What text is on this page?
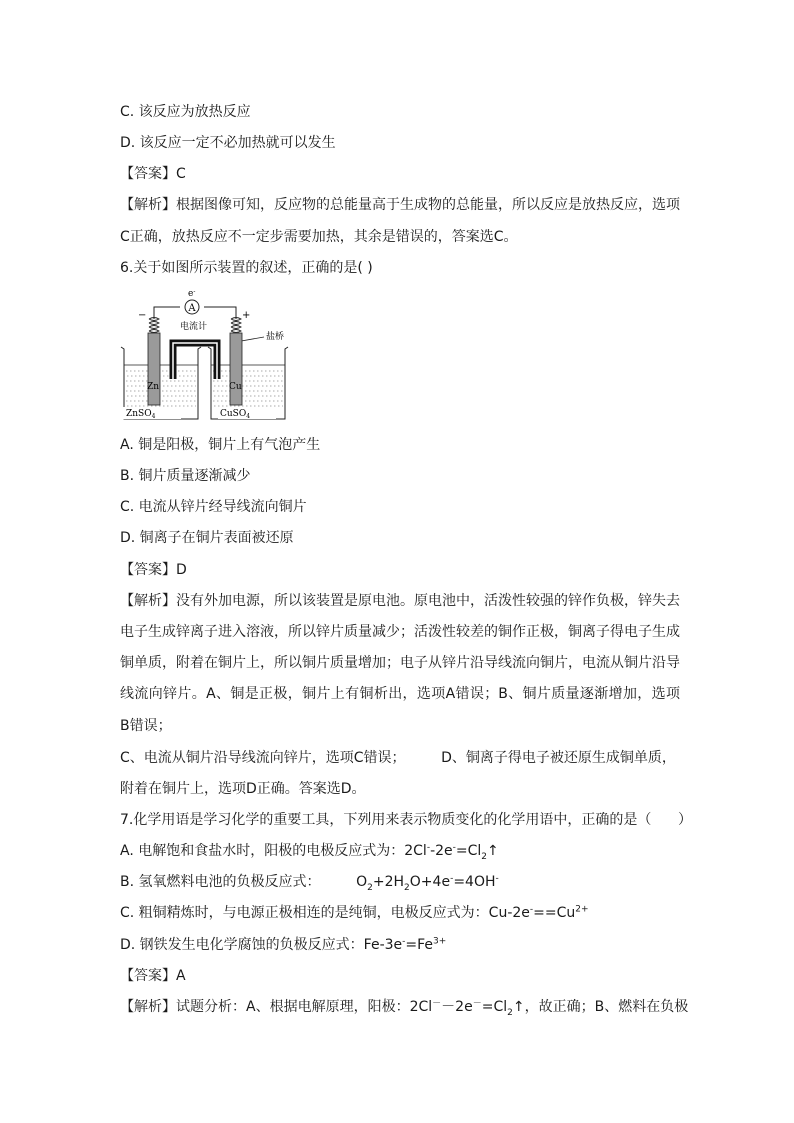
C. 该反应为放热反应
D. 该反应一定不必加热就可以发生
【答案】C
【解析】根据图像可知，反应物的总能量高于生成物的总能量，所以反应是放热反应，选项
C正确，放热反应不一定步需要加热，其余是错误的，答案选C。
6.关于如图所示装置的叙述，正确的是( )
A
e-
电流计
−	+
盐桥
Zn
ZnSO$_4$
Cu
CuSO$_4$
A. 铜是阳极，铜片上有气泡产生
B. 铜片质量逐渐减少
C. 电流从锌片经导线流向铜片
D. 铜离子在铜片表面被还原
【答案】D
【解析】没有外加电源，所以该装置是原电池。原电池中，活泼性较强的锌作负极，锌失去
电子生成锌离子进入溶液，所以锌片质量减少；活泼性较差的铜作正极，铜离子得电子生成
铜单质，附着在铜片上，所以铜片质量增加；电子从锌片沿导线流向铜片，电流从铜片沿导
线流向锌片。A、铜是正极，铜片上有铜析出，选项A错误；B、铜片质量逐渐增加，选项
B错误；
C、电流从铜片沿导线流向锌片，选项C错误；        D、铜离子得电子被还原生成铜单质，
附着在铜片上，选项D正确。答案选D。
7.化学用语是学习化学的重要工具，下列用来表示物质变化的化学用语中，正确的是（      ）
A. 电解饱和食盐水时，阳极的电极反应式为：$2Cl^--2e^-=Cl_2↑$
B. 氢氧燃料电池的负极反应式：        $O_2+2H_2O+4e^-=4OH^-$
C. 粗铜精炼时，与电源正极相连的是纯铜，电极反应式为：$Cu-2e^-==Cu^{2+}$
D. 钢铁发生电化学腐蚀的负极反应式：$Fe-3e^-=Fe^{3+}$
【答案】A
【解析】试题分析：A、根据电解原理，阳极：$2Cl^--2e^-=Cl_2↑$，故正确；B、燃料在负极
